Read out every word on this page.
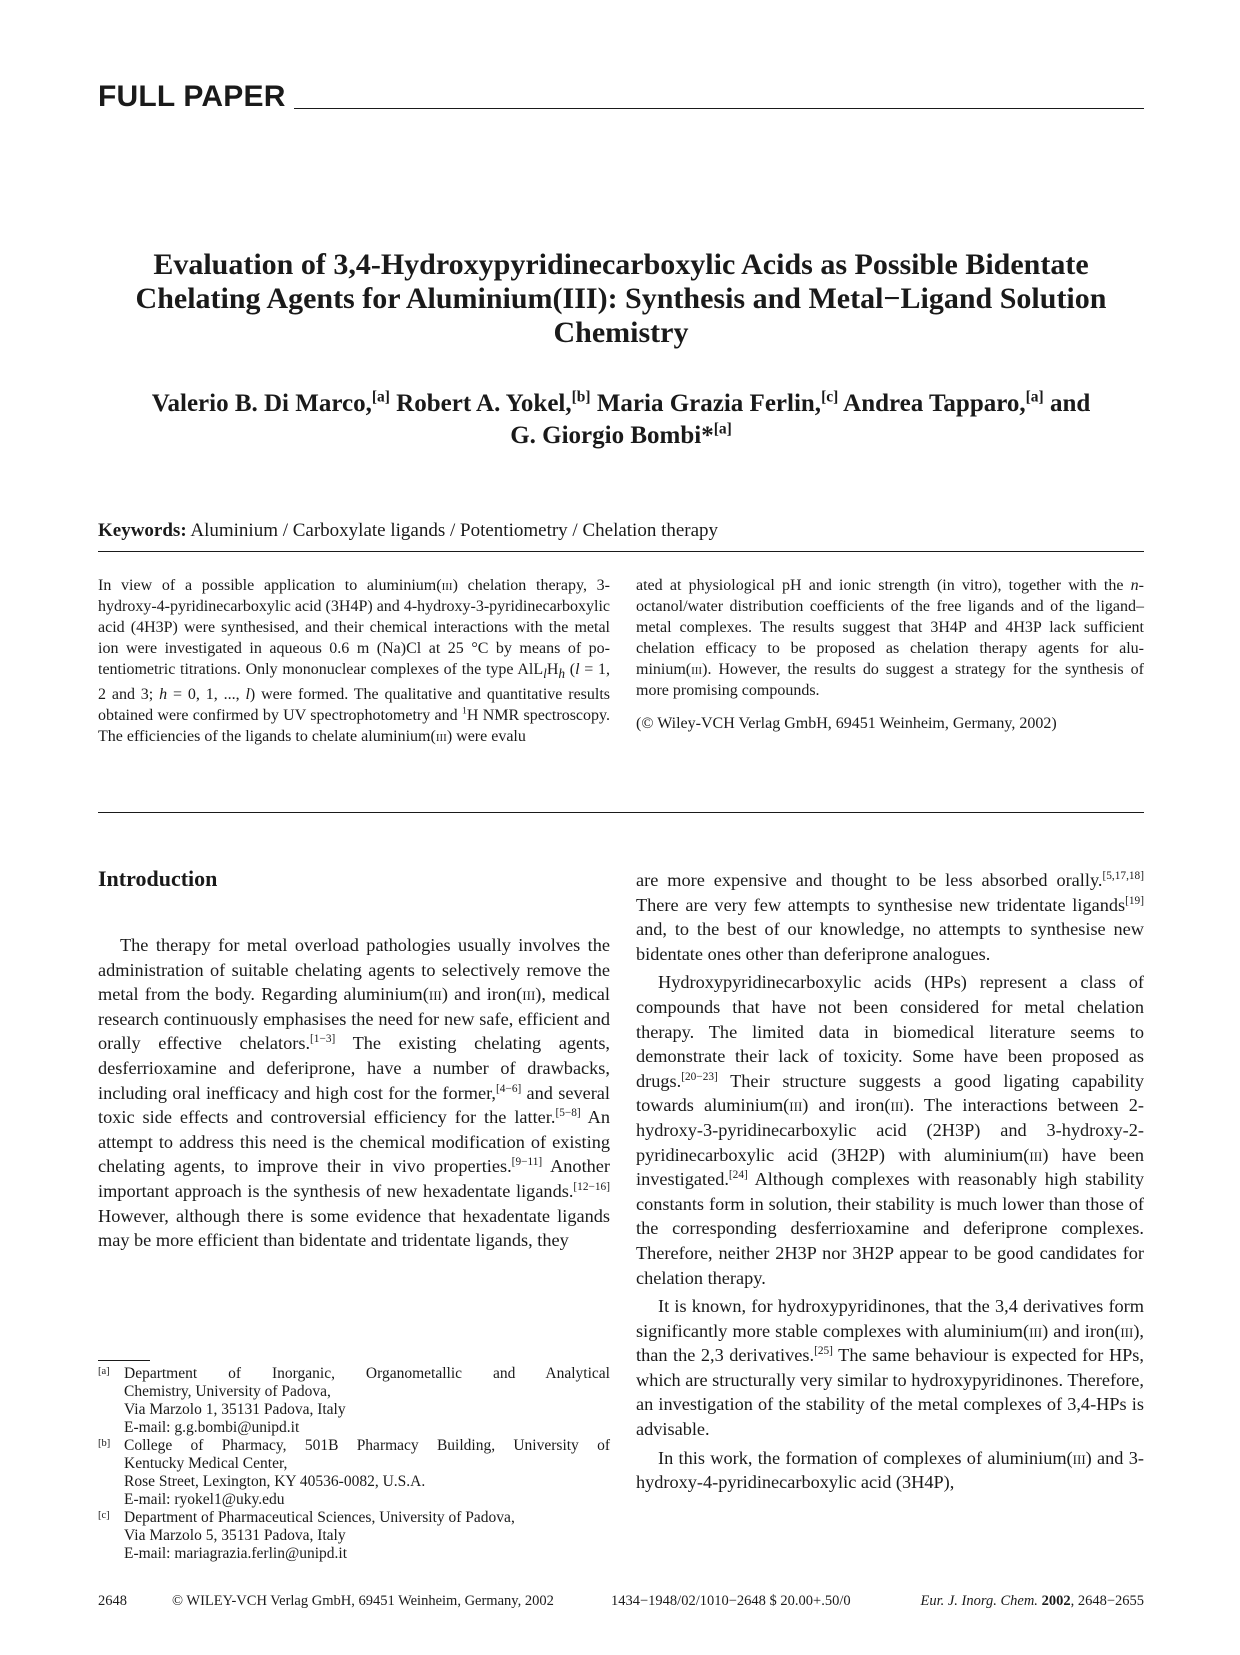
FULL PAPER
Evaluation of 3,4-Hydroxypyridinecarboxylic Acids as Possible Bidentate Chelating Agents for Aluminium(III): Synthesis and Metal−Ligand Solution Chemistry
Valerio B. Di Marco,[a] Robert A. Yokel,[b] Maria Grazia Ferlin,[c] Andrea Tapparo,[a] and
G. Giorgio Bombi*[a]
Keywords: Aluminium / Carboxylate ligands / Potentiometry / Chelation therapy

In view of a possible application to aluminium(iii) chelation therapy, 3-hydroxy-4-pyridinecarboxylic acid (3H4P) and 4-hydroxy-3-pyridinecarboxylic acid (4H3P) were synthesised, and their chemical interactions with the metal ion were investigated in aqueous 0.6 m (Na)Cl at 25 °C by means of potentiometric titrations. Only mononuclear complexes of the type $AlL_lH_h$ (l = 1, 2 and 3; h = 0, 1, ..., l) were formed. The qualitative and quantitative results obtained were confirmed by UV spectrophotometry and $^1$H NMR spectroscopy. The efficiencies of the ligands to chelate aluminium(iii) were evalu

ated at physiological pH and ionic strength (in vitro), together with the n-octanol/water distribution coefficients of the free ligands and of the ligand–metal complexes. The results suggest that 3H4P and 4H3P lack sufficient chelation efficacy to be proposed as chelation therapy agents for aluminium(iii). However, the results do suggest a strategy for the synthesis of more promising compounds.

(© Wiley-VCH Verlag GmbH, 69451 Weinheim, Germany, 2002)

Introduction

The therapy for metal overload pathologies usually involves the administration of suitable chelating agents to selectively remove the metal from the body. Regarding aluminium(iii) and iron(iii), medical research continuously emphasises the need for new safe, efficient and orally effective chelators.[1−3] The existing chelating agents, desferrioxamine and deferiprone, have a number of drawbacks, including oral inefficacy and high cost for the former,[4−6] and several toxic side effects and controversial efficiency for the latter.[5−8] An attempt to address this need is the chemical modification of existing chelating agents, to improve their in vivo properties.[9−11] Another important approach is the synthesis of new hexadentate ligands.[12−16] However, although there is some evidence that hexadentate ligands may be more efficient than bidentate and tridentate ligands, they

are more expensive and thought to be less absorbed orally.[5,17,18] There are very few attempts to synthesise new tridentate ligands[19] and, to the best of our knowledge, no attempts to synthesise new bidentate ones other than deferiprone analogues.

Hydroxypyridinecarboxylic acids (HPs) represent a class of compounds that have not been considered for metal chelation therapy. The limited data in biomedical literature seems to demonstrate their lack of toxicity. Some have been proposed as drugs.[20−23] Their structure suggests a good ligating capability towards aluminium(iii) and iron(iii). The interactions between 2-hydroxy-3-pyridinecarboxylic acid (2H3P) and 3-hydroxy-2-pyridinecarboxylic acid (3H2P) with aluminium(iii) have been investigated.[24] Although complexes with reasonably high stability constants form in solution, their stability is much lower than those of the corresponding desferrioxamine and deferiprone complexes. Therefore, neither 2H3P nor 3H2P appear to be good candidates for chelation therapy.

It is known, for hydroxypyridinones, that the 3,4 derivatives form significantly more stable complexes with aluminium(iii) and iron(iii), than the 2,3 derivatives.[25] The same behaviour is expected for HPs, which are structurally very similar to hydroxypyridinones. Therefore, an investigation of the stability of the metal complexes of 3,4-HPs is advisable.

In this work, the formation of complexes of aluminium(iii) and 3-hydroxy-4-pyridinecarboxylic acid (3H4P),

[a] Department of Inorganic, Organometallic and Analytical
Chemistry, University of Padova,
Via Marzolo 1, 35131 Padova, Italy
E-mail: g.g.bombi@unipd.it
[b] College of Pharmacy, 501B Pharmacy Building, University of
Kentucky Medical Center,
Rose Street, Lexington, KY 40536-0082, U.S.A.
E-mail: ryokel1@uky.edu
[c] Department of Pharmaceutical Sciences, University of Padova,
Via Marzolo 5, 35131 Padova, Italy
E-mail: mariagrazia.ferlin@unipd.it
2648	© WILEY-VCH Verlag GmbH, 69451 Weinheim, Germany, 2002	1434−1948/02/1010−2648 $ 20.00+.50/0	Eur. J. Inorg. Chem. 2002, 2648−2655
